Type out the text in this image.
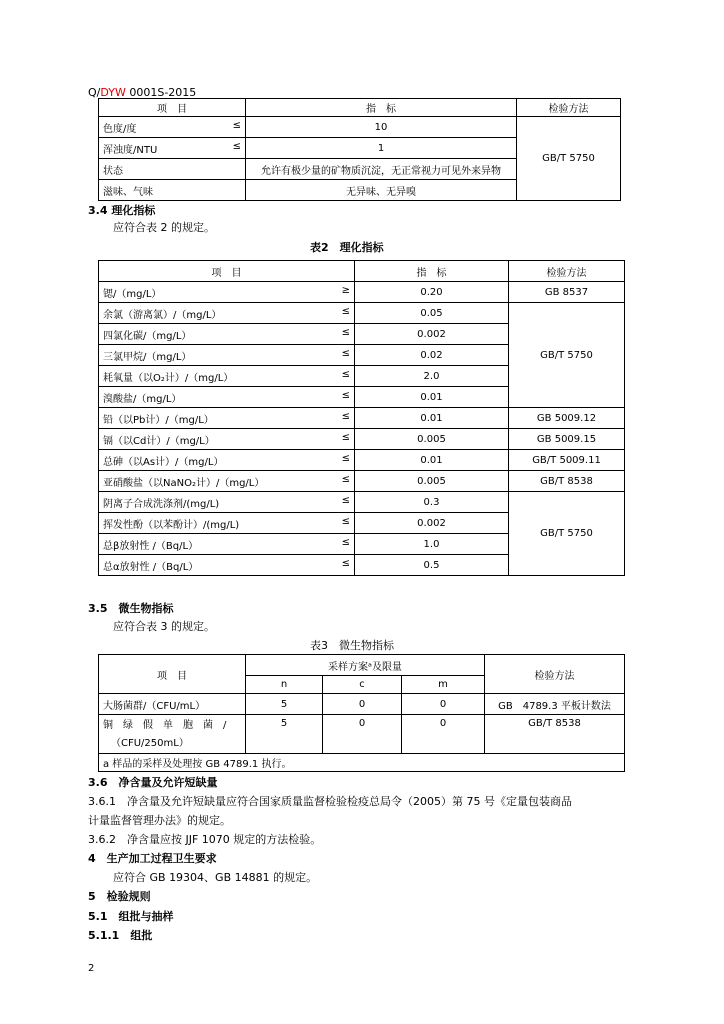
Q/DYW 0001S-2015
项　目	指　标	检验方法

色度/度 ≤	10	GB/T 5750

浑浊度/NTU ≤	1	
状态	允许有极少量的矿物质沉淀，无正常视力可见外来异物	
滋味、气味	无异味、无异嗅	
3.4 理化指标
应符合表 2 的规定。
表2　理化指标
项　目	指　标	检验方法

锶/（mg/L） ≥	0.20	GB 8537

余氯（游离氯）/（mg/L） ≤	0.05	GB/T 5750

四氯化碳/（mg/L） ≤	0.002	

三氯甲烷/（mg/L） ≤	0.02	

耗氧量（以O₂计）/（mg/L） ≤	2.0	

溴酸盐/（mg/L） ≤	0.01	

铅（以Pb计）/（mg/L） ≤	0.01	GB 5009.12

镉（以Cd计）/（mg/L） ≤	0.005	GB 5009.15

总砷（以As计）/（mg/L） ≤	0.01	GB/T 5009.11

亚硝酸盐（以NaNO₂计）/（mg/L） ≤	0.005	GB/T 8538

阴离子合成洗涤剂/(mg/L) ≤	0.3	GB/T 5750

挥发性酚（以苯酚计）/(mg/L) ≤	0.002	

总β放射性 /（Bq/L） ≤	1.0	

总α放射性 /（Bq/L） ≤	0.5	
3.5　微生物指标
应符合表 3 的规定。
表3　微生物指标
项　目	采样方案ᵃ及限量			检验方法
	n	c	m	
大肠菌群/（CFU/mL）	5	0	0	GB　4789.3 平板计数法

铜　绿　假　单　胞　菌　/
（CFU/250mL）	5	0	0	GB/T 8538
a 样品的采样及处理按 GB 4789.1 执行。				
3.6　净含量及允许短缺量
3.6.1　 净含量及允许短缺量应符合国家质量监督检验检疫总局令（2005）第 75 号《定量包装商品
计量监督管理办法》的规定。
3.6.2　 净含量应按 JJF 1070 规定的方法检验。
4　生产加工过程卫生要求
应符合 GB 19304、GB 14881 的规定。
5　检验规则
5.1　组批与抽样
5.1.1　组批
2
